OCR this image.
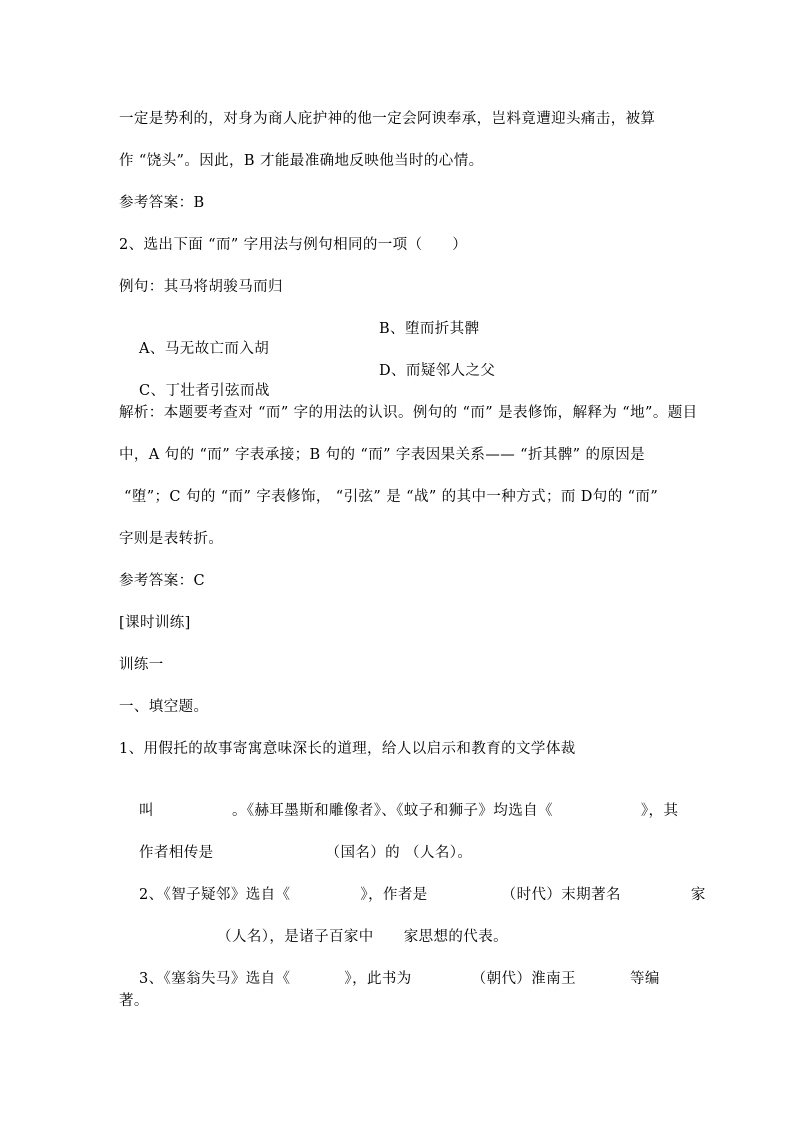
一定是势利的，对身为商人庇护神的他一定会阿谀奉承，岂料竟遭迎头痛击，被算
作 “饶头”。因此，B 才能最准确地反映他当时的心情。
参考答案：B
2、选出下面 “而” 字用法与例句相同的一项（　　）
例句：其马将胡骏马而归

A、马无故亡而入胡

B、堕而折其髀

C、丁壮者引弦而战

D、而疑邻人之父

解析：本题要考查对 “而” 字的用法的认识。例句的 “而” 是表修饰，解释为 “地”。题目
中，A 句的 “而” 字表承接；B 句的 “而” 字表因果关系—— “折其髀” 的原因是
“堕”；C 句的 “而” 字表修饰， “引弦” 是 “战” 的其中一种方式；而 D句的 “而”
字则是表转折。
参考答案：C
[课时训练]
训练一
一、填空题。
1、用假托的故事寄寓意味深长的道理，给人以启示和教育的文学体裁

叫	。《赫耳墨斯和雕像者》、《蚊子和狮子》均选自《	》，其

作者相传是	（国名）的 （人名）。

2、《智子疑邻》选自《	》，作者是	（时代）末期著名	家

（人名），是诸子百家中 家思想的代表。

3、《塞翁失马》选自《	》，此书为	（朝代）淮南王	等编

著。
